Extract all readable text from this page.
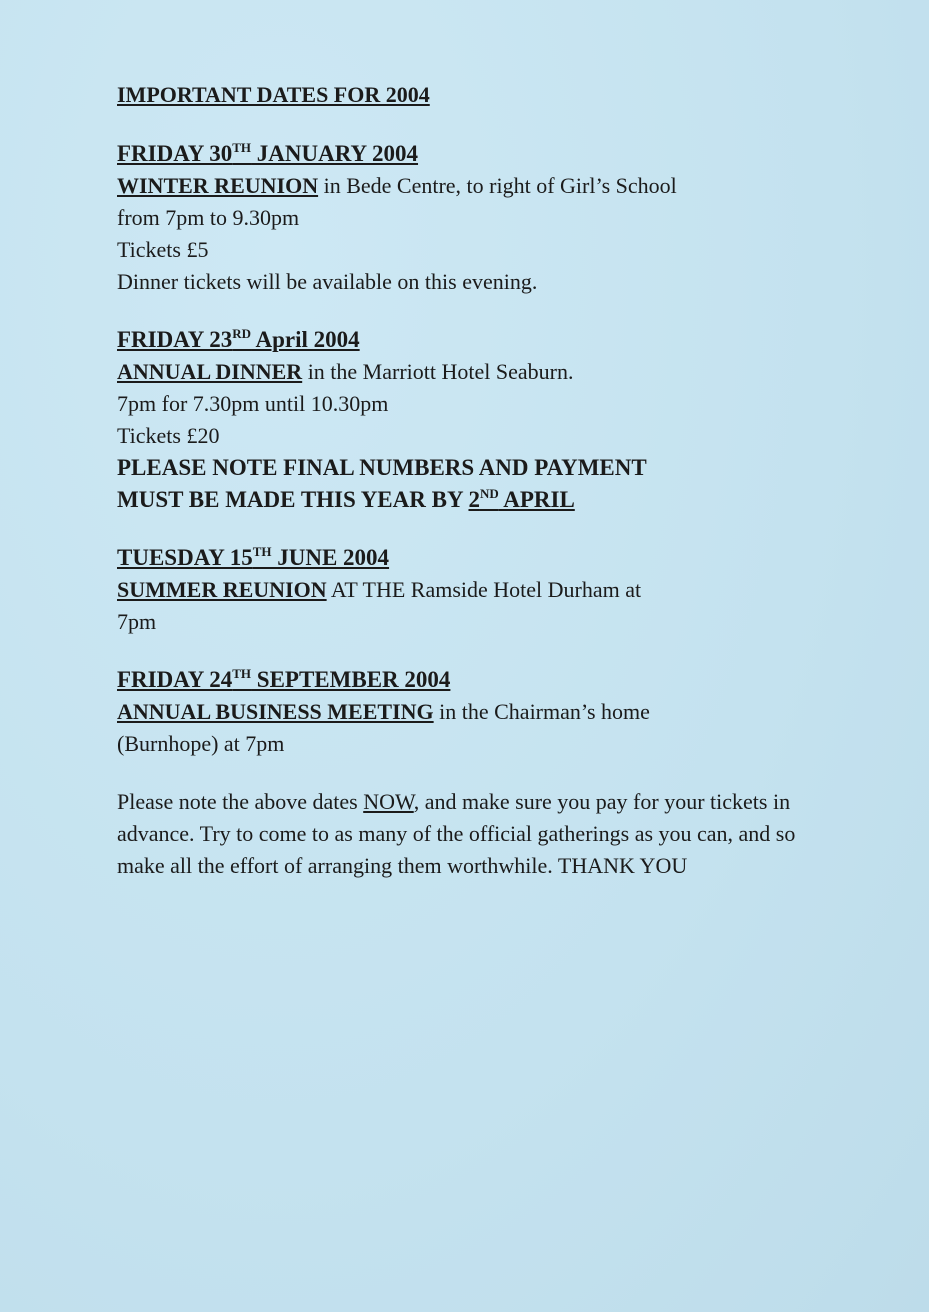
IMPORTANT DATES FOR 2004

FRIDAY 30TH JANUARY 2004

WINTER REUNION in Bede Centre, to right of Girl’s School

from 7pm to 9.30pm

Tickets £5

Dinner tickets will be available on this evening.

FRIDAY 23RD April 2004

ANNUAL DINNER in the Marriott Hotel Seaburn.

7pm for 7.30pm until 10.30pm

Tickets £20

PLEASE NOTE FINAL NUMBERS AND PAYMENT

MUST BE MADE THIS YEAR BY 2ND APRIL

TUESDAY 15TH JUNE 2004

SUMMER REUNION AT THE Ramside Hotel Durham at

7pm

FRIDAY 24TH SEPTEMBER 2004

ANNUAL BUSINESS MEETING in the Chairman’s home

(Burnhope) at 7pm

Please note the above dates NOW, and make sure you pay for your tickets in advance. Try to come to as many of the official gatherings as you can, and so make all the effort of arranging them worthwhile. THANK YOU
